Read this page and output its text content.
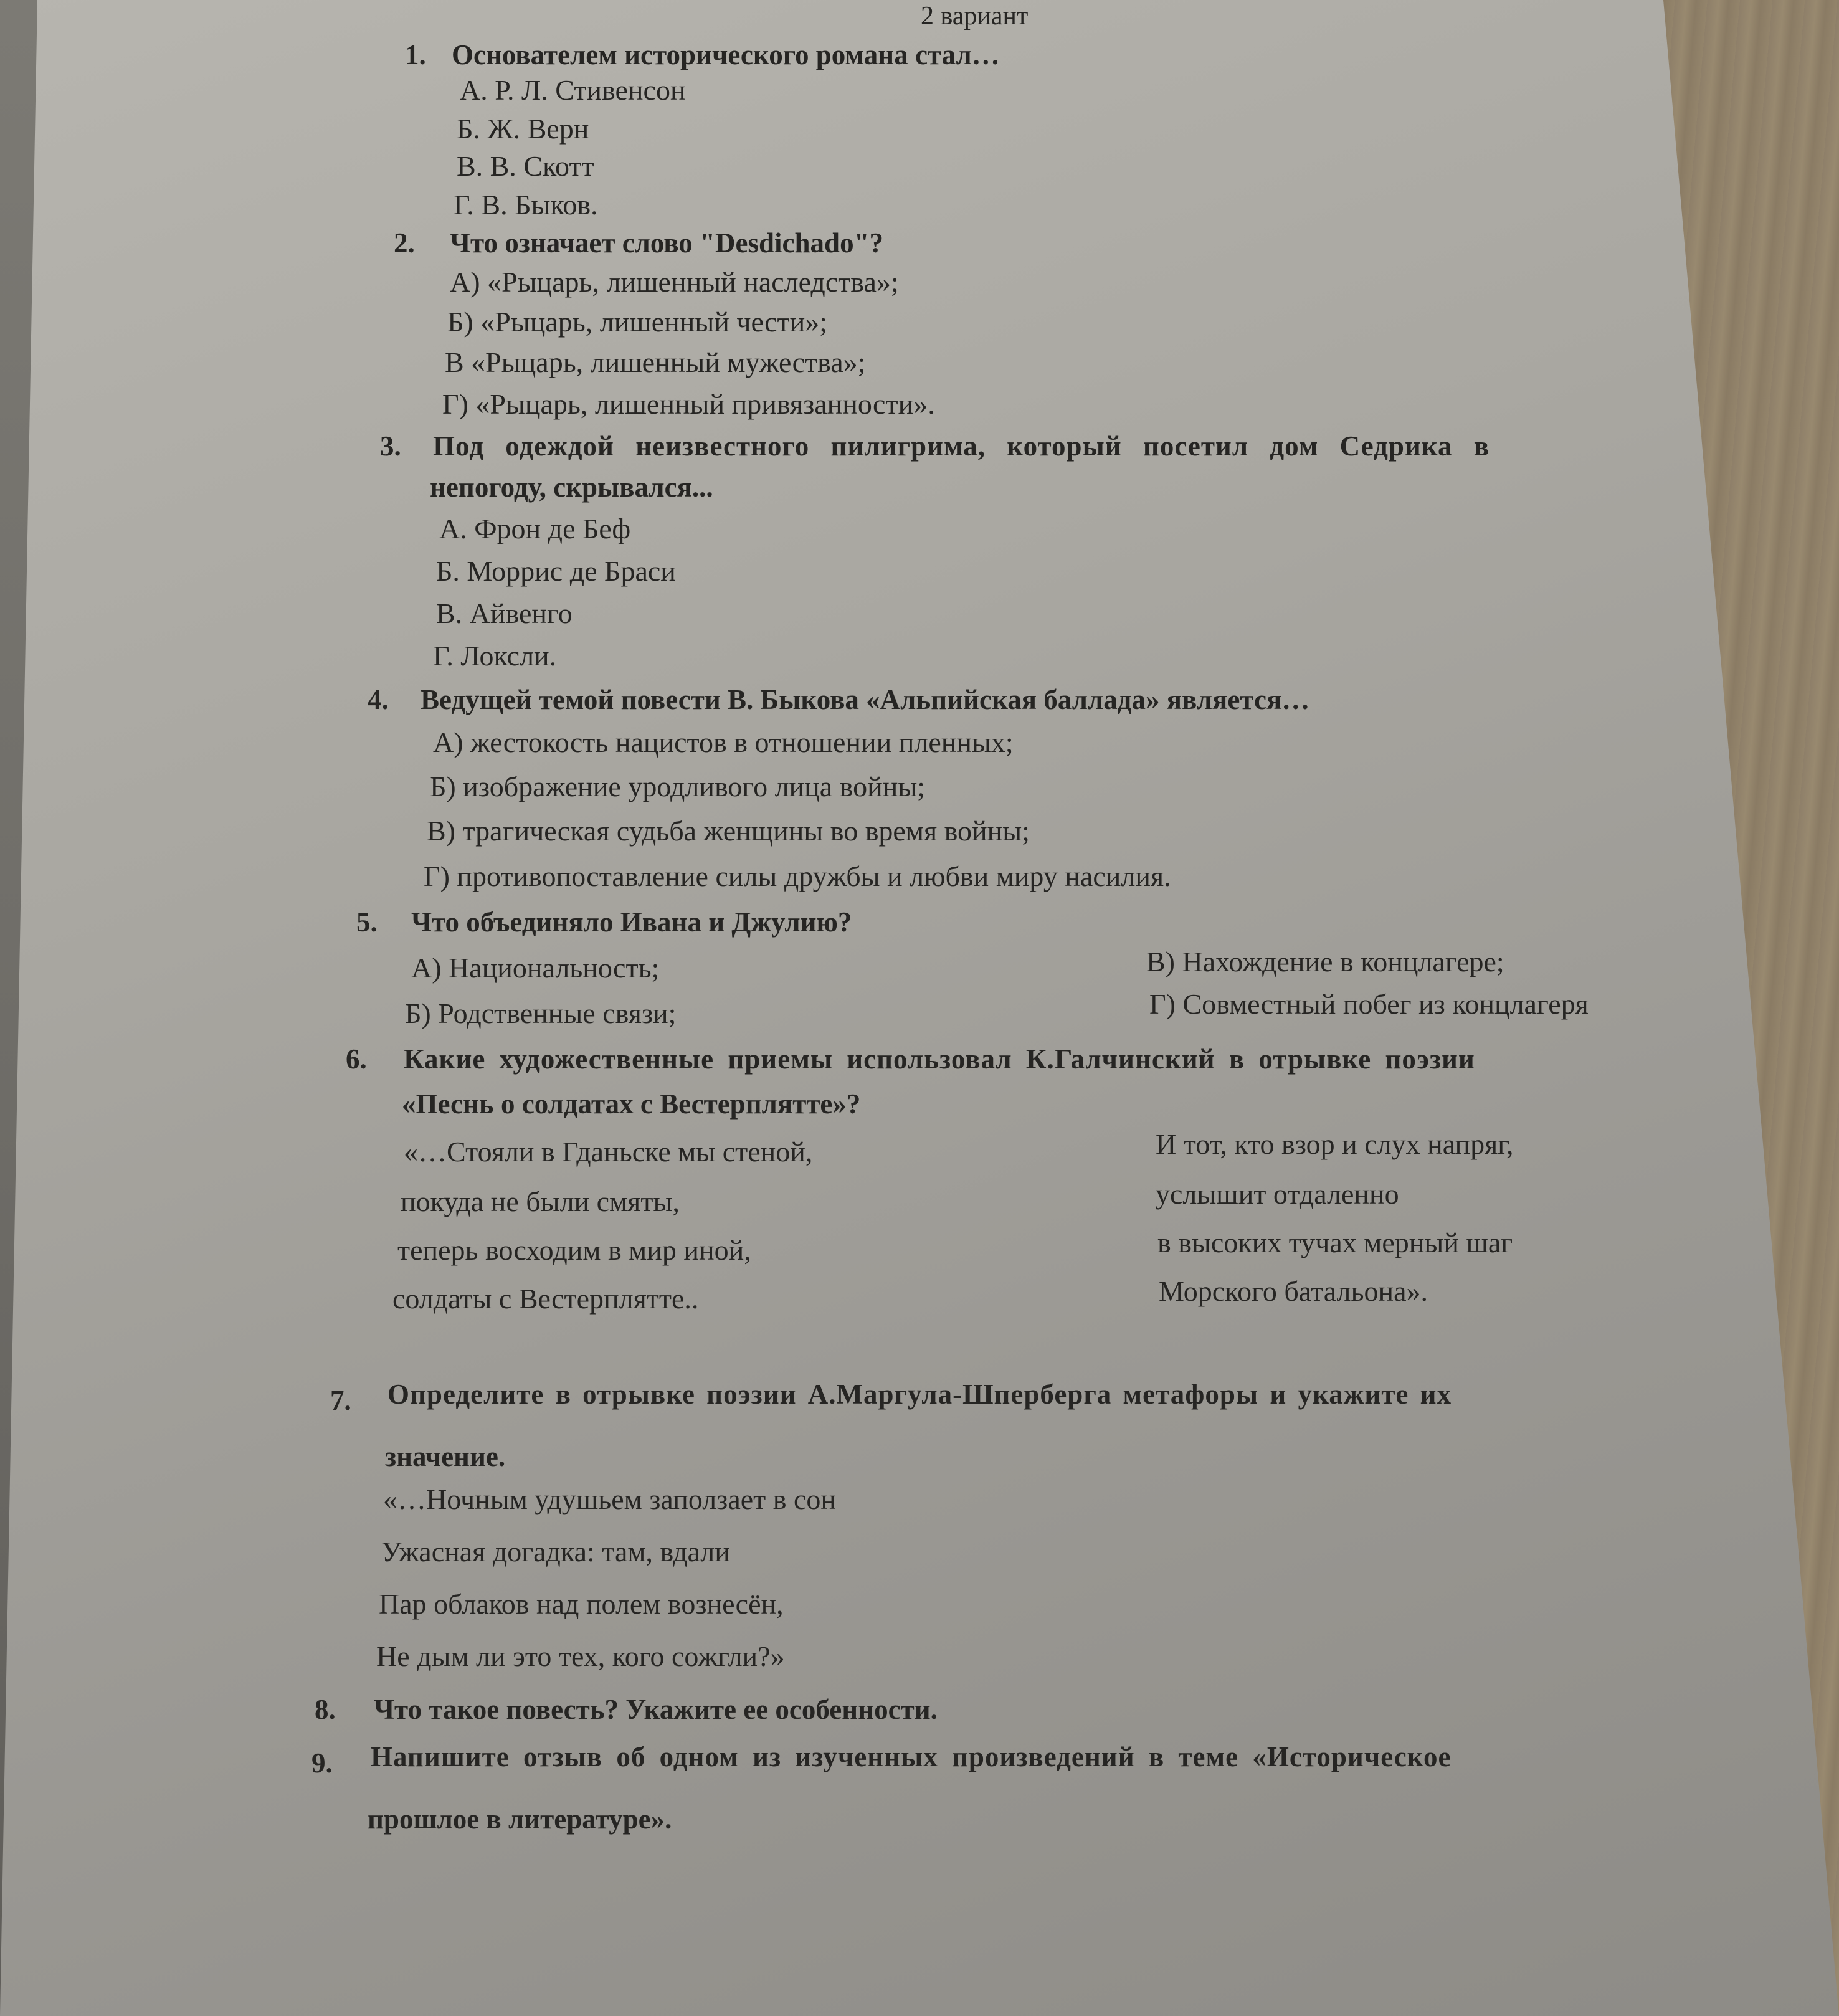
2 вариант
1. Основателем исторического романа стал…
А. Р. Л. Стивенсон
Б. Ж. Верн
В. В. Скотт
Г. В. Быков.
2. Что означает слово "Desdichado"?
А) «Рыцарь, лишенный наследства»;
Б) «Рыцарь, лишенный чести»;
В «Рыцарь, лишенный мужества»;
Г) «Рыцарь, лишенный привязанности».
3. Под одеждой неизвестного пилигрима, который посетил дом Седрика в
непогоду, скрывался...
А. Фрон де Беф
Б. Моррис де Браси
В. Айвенго
Г. Локсли.
4. Ведущей темой повести В. Быкова «Альпийская баллада» является…
А) жестокость нацистов в отношении пленных;
Б) изображение уродливого лица войны;
В) трагическая судьба женщины во время войны;
Г) противопоставление силы дружбы и любви миру насилия.
5. Что объединяло Ивана и Джулию?
А) Национальность;
Б) Родственные связи;
В) Нахождение в концлагере;
Г) Совместный побег из концлагеря
6. Какие художественные приемы использовал К.Галчинский в отрывке поэзии
«Песнь о солдатах с Вестерплятте»?
«…Стояли в Гданьске мы стеной,
покуда не были смяты,
теперь восходим в мир иной,
солдаты с Вестерплятте..
И тот, кто взор и слух напряг,
услышит отдаленно
в высоких тучах мерный шаг
Морского батальона».
7. Определите в отрывке поэзии А.Маргула-Шперберга метафоры и укажите их
значение.
«…Ночным удушьем заползает в сон
Ужасная догадка: там, вдали
Пар облаков над полем вознесён,
Не дым ли это тех, кого сожгли?»
8. Что такое повесть? Укажите ее особенности.
9. Напишите отзыв об одном из изученных произведений в теме «Историческое
прошлое в литературе».
